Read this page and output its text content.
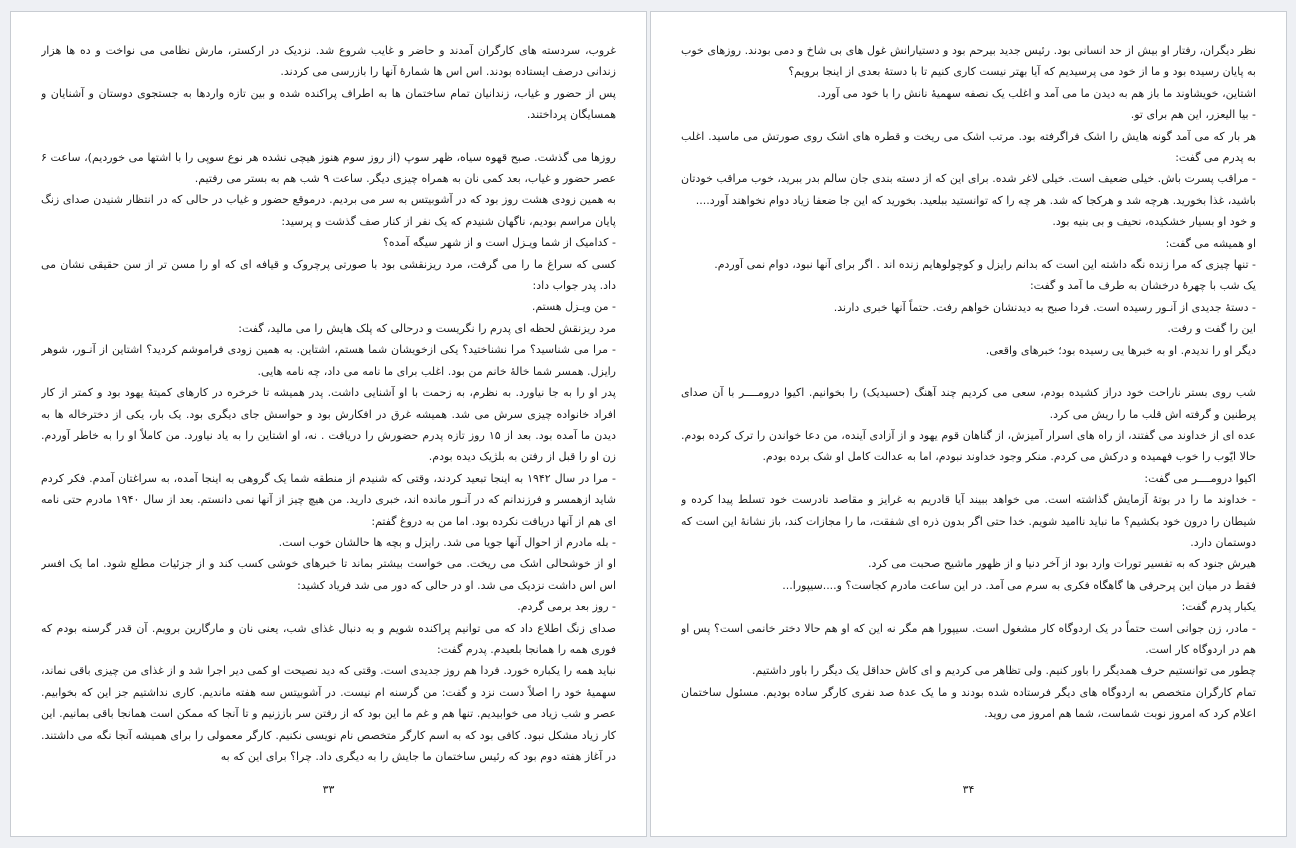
غروب، سردسته های کارگران آمدند و حاضر و غایب شروع شد. نزدیک در ارکستر، مارش نظامی می نواخت و ده ها هزار زندانی درصف ایستاده بودند. اس اس ها شمارهٔ آنها را بازرسی می کردند.

پس از حضور و غیاب، زندانیان تمام ساختمان ها به اطراف پراکنده شده و بین تازه واردها به جستجوی دوستان و آشنایان و همسایگان پرداختند.

روزها می گذشت. صبح قهوه سیاه، ظهر سوپ (از روز سوم هنوز هیچی نشده هر نوع سوپی را با اشتها می خوردیم)، ساعت ۶ عصر حضور و غیاب، بعد کمی نان به همراه چیزی دیگر. ساعت ۹ شب هم به بستر می رفتیم.

به همین زودی هشت روز بود که در آشوبیتس به سر می بردیم. درموقع حضور و غیاب در حالی که در انتظار شنیدن صدای زنگ پایان مراسم بودیم، ناگهان شنیدم که یک نفر از کنار صف گذشت و پرسید:

- کدامیک از شما ویـزل است و از شهر سیگه آمده؟

کسی که سراغ ما را می گرفت، مرد ریزنقشی بود با صورتی پرچروک و قیافه ای که او را مسن تر از سن حقیقی نشان می داد. پدر جواب داد:

- من ویـزل هستم.

مرد ریزنقش لحظه ای پدرم را نگریست و درحالی که پلک هایش را می مالید، گفت:

- مرا می شناسید؟ مرا نشناختید؟ یکی ازخویشان شما هستم، اشتاین. به همین زودی فراموشم کردید؟ اشتاین از آنـور، شوهر رایزل. همسر شما خالهٔ خانم من بود. اغلب برای ما نامه می داد، چه نامه هایی.

پدر او را به جا نیاورد. به نظرم، به زحمت با او آشنایی داشت. پدر همیشه تا خرخره در کارهای کمیتهٔ یهود بود و کمتر از کار افراد خانواده چیزی سرش می شد. همیشه غرق در افکارش بود و حواسش جای دیگری بود. یک بار، یکی از دخترخاله ها به دیدن ما آمده بود. بعد از ۱۵ روز تازه پدرم حضورش را دریافت . نه، او اشتاین را به یاد نیاورد. من کاملاً او را به خاطر آوردم. زن او را قبل از رفتن به بلژیک دیده بودم.

- مرا در سال ۱۹۴۲ به اینجا تبعید کردند، وقتی که شنیدم از منطقه شما یک گروهی به اینجا آمده، به سراغتان آمدم. فکر کردم شاید ازهمسر و فرزندانم که در آنـور مانده اند، خبری دارید. من هیچ چیز از آنها نمی دانستم. بعد از سال ۱۹۴۰ مادرم حتی نامه ای هم از آنها دریافت نکرده بود. اما من به دروغ گفتم:

- بله مادرم از احوال آنها جویا می شد. رایزل و بچه ها حالشان خوب است.

او از خوشحالی اشک می ریخت. می خواست بیشتر بماند تا خبرهای خوشی کسب کند و از جزئیات مطلع شود. اما یک افسر اس اس داشت نزدیک می شد. او در حالی که دور می شد فریاد کشید:

- روز بعد برمی گردم.

صدای زنگ اطلاع داد که می توانیم پراکنده شویم و به دنبال غذای شب، یعنی نان و مارگارین برویم. آن قدر گرسنه بودم که فوری همه را همانجا بلعیدم. پدرم گفت:

نباید همه را یکباره خورد. فردا هم روز جدیدی است. وقتی که دید نصیحت او کمی دیر اجرا شد و از غذای من چیزی باقی نماند، سهمیهٔ خود را اصلاً دست نزد و گفت: من گرسنه ام نیست. در آشوبیتس سه هفته ماندیم. کاری نداشتیم جز این که بخوابیم. عصر و شب زیاد می خوابیدیم. تنها هم و غم ما این بود که از رفتن سر باززنیم و تا آنجا که ممکن است همانجا باقی بمانیم. این کار زیاد مشکل نبود. کافی بود که به اسم کارگر متخصص نام نویسی نکنیم. کارگر معمولی را برای همیشه آنجا نگه می داشتند. در آغاز هفته دوم بود که رئیس ساختمان ما جایش را به دیگری داد. چرا؟ برای این که به

۳۳

نظر دیگران، رفتار او بیش از حد انسانی بود. رئیس جدید بیرحم بود و دستیارانش غول های بی شاخ و دمی بودند. روزهای خوب به پایان رسیده بود و ما از خود می پرسیدیم که آیا بهتر نیست کاری کنیم تا با دستهٔ بعدی از اینجا برویم؟

اشتاین، خویشاوند ما باز هم به دیدن ما می آمد و اغلب یک نصفه سهمیهٔ نانش را با خود می آورد.

- بیا الیعزر، این هم برای تو.

هر بار که می آمد گونه هایش را اشک فراگرفته بود. مرتب اشک می ریخت و قطره های اشک روی صورتش می ماسید. اغلب به پدرم می گفت:

- مراقب پسرت باش. خیلی ضعیف است. خیلی لاغر شده. برای این که از دسته بندی جان سالم بدر ببرید، خوب مراقب خودتان باشید، غذا بخورید. هرچه شد و هرکجا که شد. هر چه را که توانستید ببلعید. بخورید که این جا ضعفا زیاد دوام نخواهند آورد....

و خود او بسیار خشکیده، نحیف و بی بنیه بود.

او همیشه می گفت:

- تنها چیزی که مرا زنده نگه داشته این است که بدانم رایزل و کوچولوهایم زنده اند . اگر برای آنها نبود، دوام نمی آوردم.

یک شب با چهرهٔ درخشان به طرف ما آمد و گفت:

- دستهٔ جدیدی از آنـور رسیده است. فردا صبح به دیدنشان خواهم رفت. حتماً آنها خبری دارند.

این را گفت و رفت.

دیگر او را ندیدم. او به خبرها یی رسیده بود؛ خبرهای واقعی.

شب روی بستر ناراحت خود دراز کشیده بودم، سعی می کردیم چند آهنگ (حسیدیک) را بخوانیم. اکیوا درومــــر با آن صدای پرطنین و گرفته اش قلب ما را ریش می کرد.

عده ای از خداوند می گفتند، از راه های اسرار آمیزش، از گناهان قوم یهود و از آزادی آینده، من دعا خواندن را ترک کرده بودم. حالا ایّوب را خوب فهمیده و درکش می کردم. منکر وجود خداوند نبودم، اما به عدالت کامل او شک برده بودم.

اکیوا درومــــر می گفت:

- خداوند ما را در بوتهٔ آزمایش گذاشته است. می خواهد ببیند آیا قادریم به غرایز و مقاصد نادرست خود تسلط پیدا کرده و شیطان را درون خود بکشیم؟ ما نباید ناامید شویم. خدا حتی اگر بدون ذره ای شفقت، ما را مجازات کند، باز نشانهٔ این است که دوستمان دارد.

هیرش جنود که به تفسیر تورات وارد بود از آخر دنیا و از ظهور ماشیح صحبت می کرد.

فقط در میان این پرحرفی ها گاهگاه فکری به سرم می آمد. در این ساعت مادرم کجاست؟ و....سیپورا...

یکبار پدرم گفت:

- مادر، زن جوانی است حتماً در یک اردوگاه کار مشغول است. سیپورا هم مگر نه این که او هم حالا دختر خانمی است؟ پس او هم در اردوگاه کار است.

چطور می توانستیم حرف همدیگر را باور کنیم. ولی تظاهر می کردیم و ای کاش حداقل یک دیگر را باور داشتیم.

تمام کارگران متخصص به اردوگاه های دیگر فرستاده شده بودند و ما یک عدهٔ صد نفری کارگر ساده بودیم. مسئول ساختمان اعلام کرد که امروز نوبت شماست، شما هم امروز می روید.

۳۴
